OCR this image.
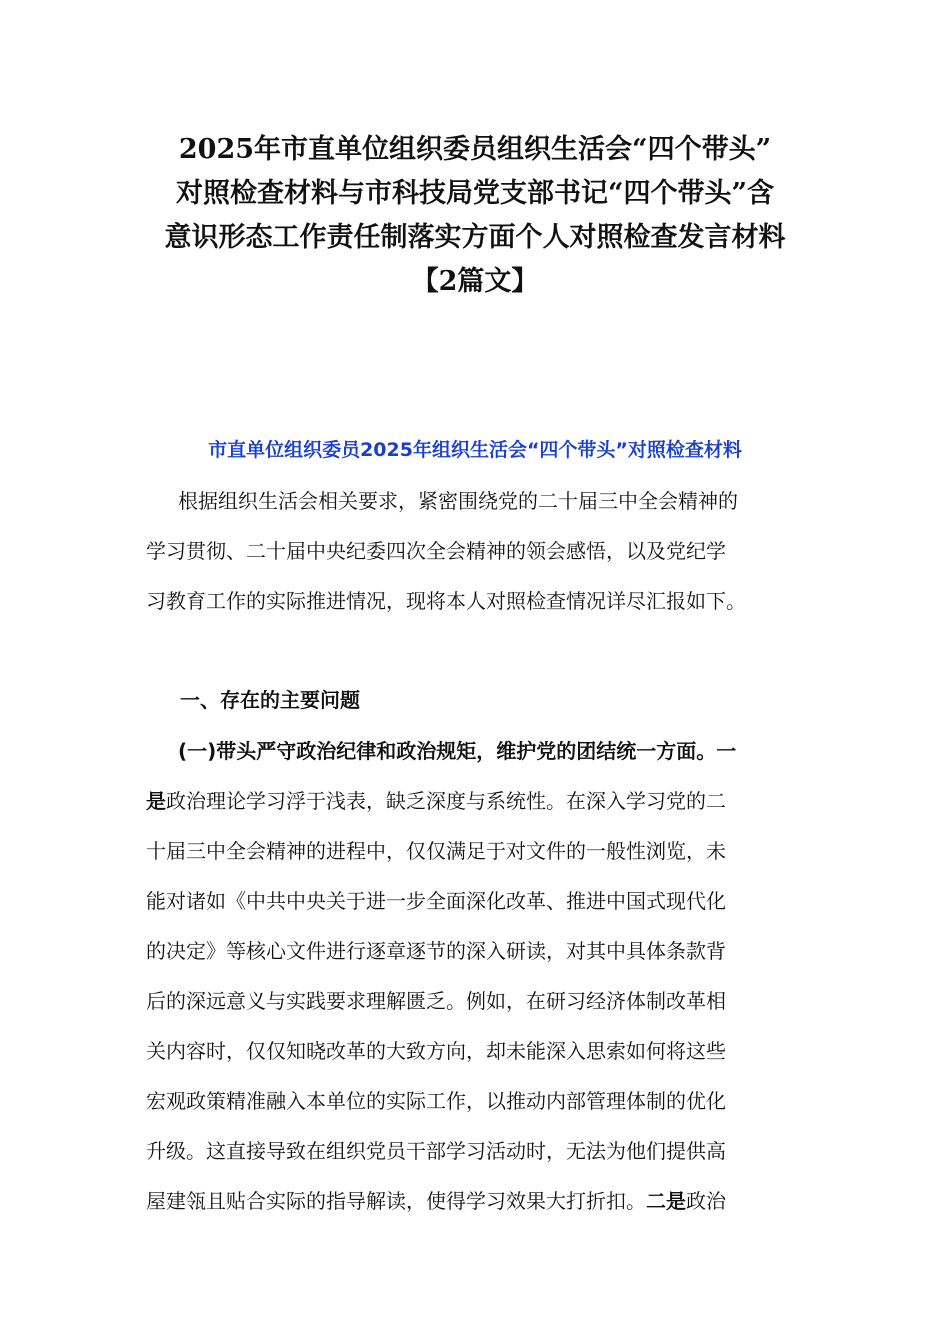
2025年市直单位组织委员组织生活会“四个带头”
对照检查材料与市科技局党支部书记“四个带头”含
意识形态工作责任制落实方面个人对照检查发言材料
【2篇文】
市直单位组织委员2025年组织生活会“四个带头”对照检查材料
根据组织生活会相关要求，紧密围绕党的二十届三中全会精神的
学习贯彻、二十届中央纪委四次全会精神的领会感悟，以及党纪学
习教育工作的实际推进情况，现将本人对照检查情况详尽汇报如下。
一、存在的主要问题
(一)带头严守政治纪律和政治规矩，维护党的团结统一方面。一
是政治理论学习浮于浅表，缺乏深度与系统性。在深入学习党的二
十届三中全会精神的进程中，仅仅满足于对文件的一般性浏览，未
能对诸如《中共中央关于进一步全面深化改革、推进中国式现代化
的决定》等核心文件进行逐章逐节的深入研读，对其中具体条款背
后的深远意义与实践要求理解匮乏。例如，在研习经济体制改革相
关内容时，仅仅知晓改革的大致方向，却未能深入思索如何将这些
宏观政策精准融入本单位的实际工作，以推动内部管理体制的优化
升级。这直接导致在组织党员干部学习活动时，无法为他们提供高
屋建瓴且贴合实际的指导解读，使得学习效果大打折扣。二是政治
